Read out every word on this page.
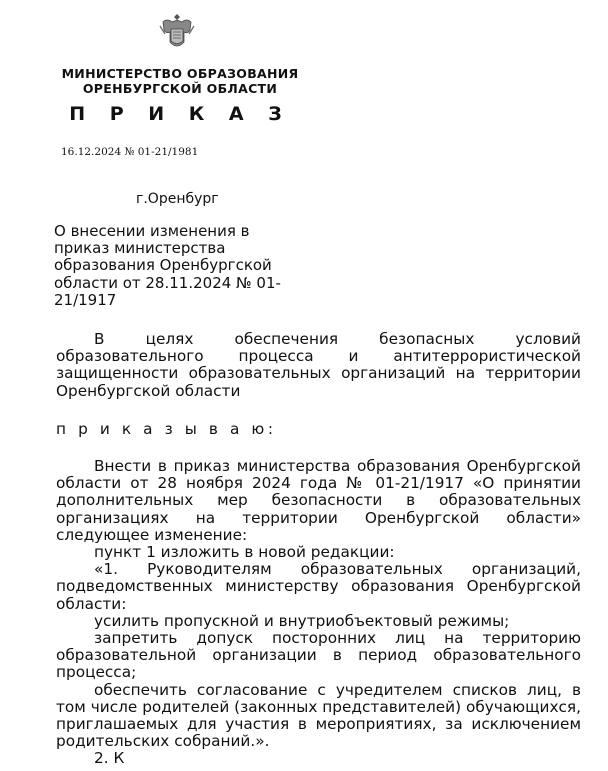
МИНИСТЕРСТВО ОБРАЗОВАНИЯ
ОРЕНБУРГСКОЙ ОБЛАСТИ
П Р И К А З
16.12.2024 № 01-21/1981
г.Оренбург
О внесении изменения в приказ министерства образования Оренбургской области от 28.11.2024 № 01-21/1917

В целях обеспечения безопасных условий образовательного процесса и антитеррористической защищенности образовательных организаций на территории Оренбургской области

п р и к а з ы в а ю:

Внести в приказ министерства образования Оренбургской области от 28 ноября 2024 года № 01-21/1917 «О принятии дополнительных мер безопасности в образовательных организациях на территории Оренбургской области» следующее изменение:

пункт 1 изложить в новой редакции:

«1. Руководителям образовательных организаций, подведомственных министерству образования Оренбургской области:

усилить пропускной и внутриобъектовый режимы;

запретить допуск посторонних лиц на территорию образовательной организации в период образовательного процесса;

обеспечить согласование с учредителем списков лиц, в том числе родителей (законных представителей) обучающихся, приглашаемых для участия в мероприятиях, за исключением родительских собраний.».

2. К
